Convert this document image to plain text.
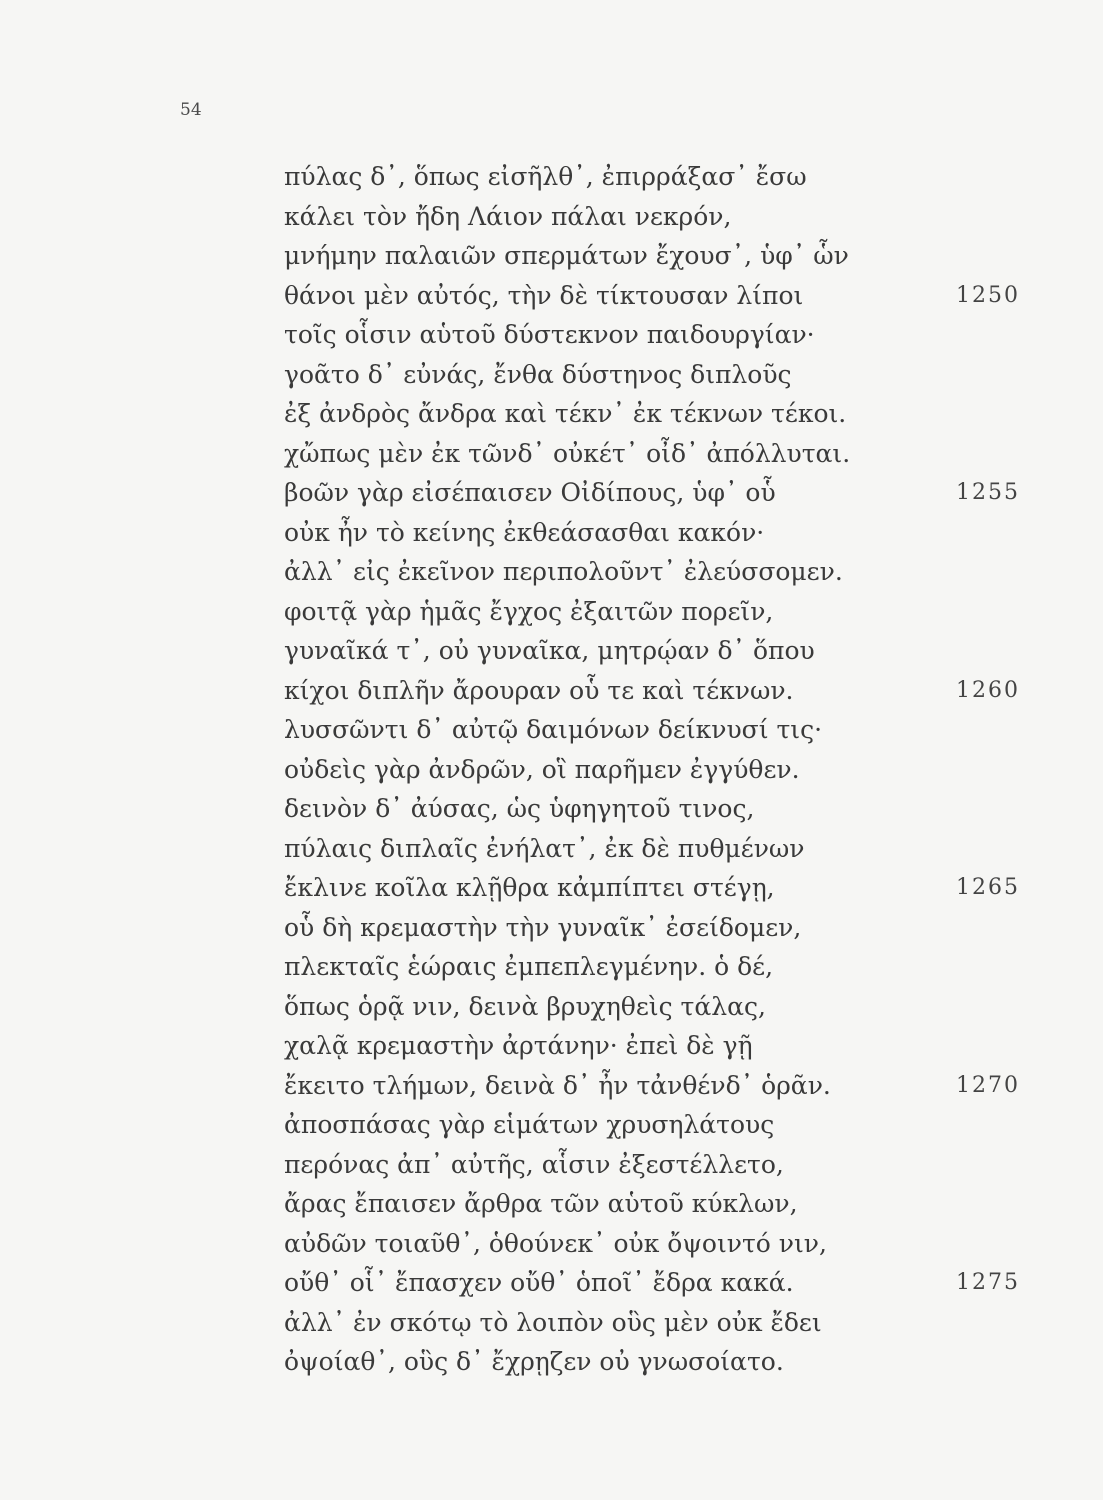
54
πύλας δ᾽, ὅπως εἰσῆλθ᾽, ἐπιρράξασ᾽ ἔσω
κάλει τὸν ἤδη Λάιον πάλαι νεκρόν,
μνήμην παλαιῶν σπερμάτων ἔχουσ᾽, ὑφ᾽ ὧν
θάνοι μὲν αὐτός, τὴν δὲ τίκτουσαν λίποι	1250
τοῖς οἷσιν αὑτοῦ δύστεκνον παιδουργίαν·
γοᾶτο δ᾽ εὐνάς, ἔνθα δύστηνος διπλοῦς
ἐξ ἀνδρὸς ἄνδρα καὶ τέκν᾽ ἐκ τέκνων τέκοι.
χὤπως μὲν ἐκ τῶνδ᾽ οὐκέτ᾽ οἶδ᾽ ἀπόλλυται.
βοῶν γὰρ εἰσέπαισεν Οἰδίπους, ὑφ᾽ οὗ	1255
οὐκ ἦν τὸ κείνης ἐκθεάσασθαι κακόν·
ἀλλ᾽ εἰς ἐκεῖνον περιπολοῦντ᾽ ἐλεύσσομεν.
φοιτᾷ γὰρ ἡμᾶς ἔγχος ἐξαιτῶν πορεῖν,
γυναῖκά τ᾽, οὐ γυναῖκα, μητρῴαν δ᾽ ὅπου
κίχοι διπλῆν ἄρουραν οὗ τε καὶ τέκνων.	1260
λυσσῶντι δ᾽ αὐτῷ δαιμόνων δείκνυσί τις·
οὐδεὶς γὰρ ἀνδρῶν, οἳ παρῆμεν ἐγγύθεν.
δεινὸν δ᾽ ἀύσας, ὡς ὑφηγητοῦ τινος,
πύλαις διπλαῖς ἐνήλατ᾽, ἐκ δὲ πυθμένων
ἔκλινε κοῖλα κλῇθρα κἀμπίπτει στέγῃ,	1265
οὗ δὴ κρεμαστὴν τὴν γυναῖκ᾽ ἐσείδομεν,
πλεκταῖς ἑώραις ἐμπεπλεγμένην. ὁ δέ,
ὅπως ὁρᾷ νιν, δεινὰ βρυχηθεὶς τάλας,
χαλᾷ κρεμαστὴν ἀρτάνην· ἐπεὶ δὲ γῇ
ἔκειτο τλήμων, δεινὰ δ᾽ ἦν τἀνθένδ᾽ ὁρᾶν.	1270
ἀποσπάσας γὰρ εἱμάτων χρυσηλάτους
περόνας ἀπ᾽ αὐτῆς, αἷσιν ἐξεστέλλετο,
ἄρας ἔπαισεν ἄρθρα τῶν αὑτοῦ κύκλων,
αὐδῶν τοιαῦθ᾽, ὁθούνεκ᾽ οὐκ ὄψοιντό νιν,
οὔθ᾽ οἷ᾽ ἔπασχεν οὔθ᾽ ὁποῖ᾽ ἔδρα κακά.	1275
ἀλλ᾽ ἐν σκότῳ τὸ λοιπὸν οὓς μὲν οὐκ ἔδει
ὀψοίαθ᾽, οὓς δ᾽ ἔχρῃζεν οὐ γνωσοίατο.
